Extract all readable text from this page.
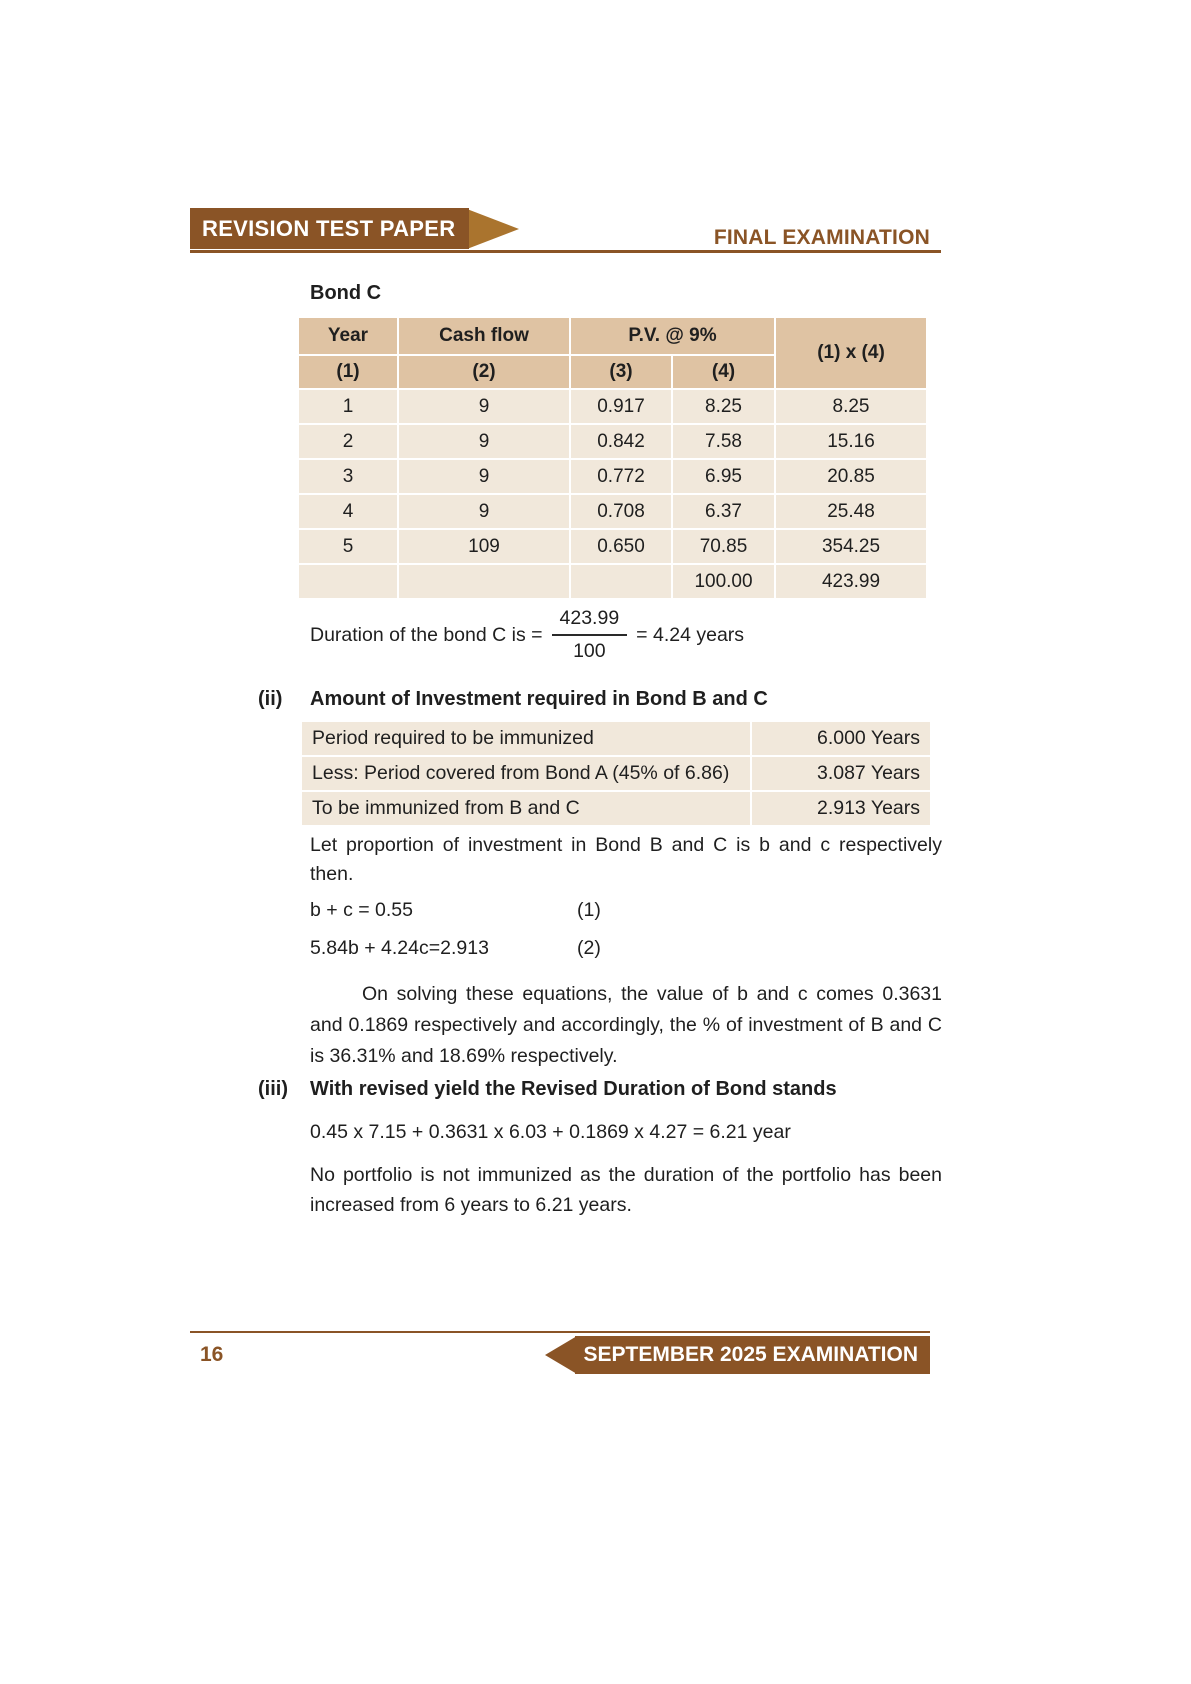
REVISION TEST PAPER	FINAL EXAMINATION
Bond C
Year	Cash flow	P.V. @ 9%		(1) x (4)
(1)	(2)	(3)	(4)	
1	9	0.917	8.25	8.25
2	9	0.842	7.58	15.16
3	9	0.772	6.95	20.85
4	9	0.708	6.37	25.48
5	109	0.650	70.85	354.25
			100.00	423.99
Duration of the bond C is = $\frac{423.99}{100} = 4.24$ years
(ii) Amount of Investment required in Bond B and C
Period required to be immunized	6.000 Years
Less: Period covered from Bond A (45% of 6.86)	3.087 Years
To be immunized from B and C	2.913 Years
Let proportion of investment in Bond B and C is b and c respectively then.
b + c = 0.55	(1)
5.84b + 4.24c=2.913	(2)
On solving these equations, the value of b and c comes 0.3631 and 0.1869 respectively and accordingly, the % of investment of B and C is 36.31% and 18.69% respectively.
(iii) With revised yield the Revised Duration of Bond stands
0.45 x 7.15 + 0.3631 x 6.03 + 0.1869 x 4.27 = 6.21 year
No portfolio is not immunized as the duration of the portfolio has been increased from 6 years to 6.21 years.
SEPTEMBER 2025 EXAMINATION
16
